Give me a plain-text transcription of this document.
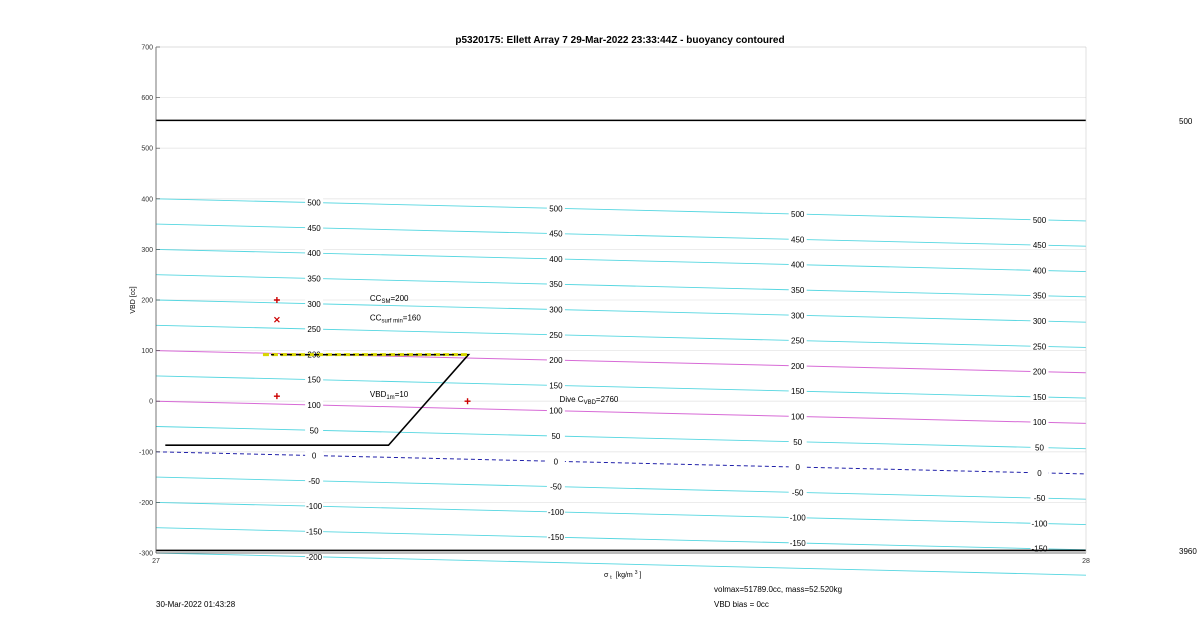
p5320175: Ellett Array 7 29-Mar-2022 23:33:44Z - buoyancy contoured
500
450
400
350
300
250
200
150
100
50
0
-50
-100
-150
-200
500
450
400
350
300
250
200
150
100
50
0
-50
-100
-150
500
450
400
350
300
250
200
150
100
50
0
-50
-100
-150
500
450
400
350
300
250
200
150
100
50
0
-50
-100
-150
$CC_{SM}=200$
$CC_{surf min}=160$
$VBD_{1m}=10$
Dive $C_{VBD}=2760$
700
600
500
400
300
200
100
0
-100
-200
-300
27	28
500
3960
VBD [cc]
σ $_t$ [kg/m $^3$ ]
30-Mar-2022 01:43:28
volmax=51789.0cc, mass=52.520kg
VBD bias = 0cc
